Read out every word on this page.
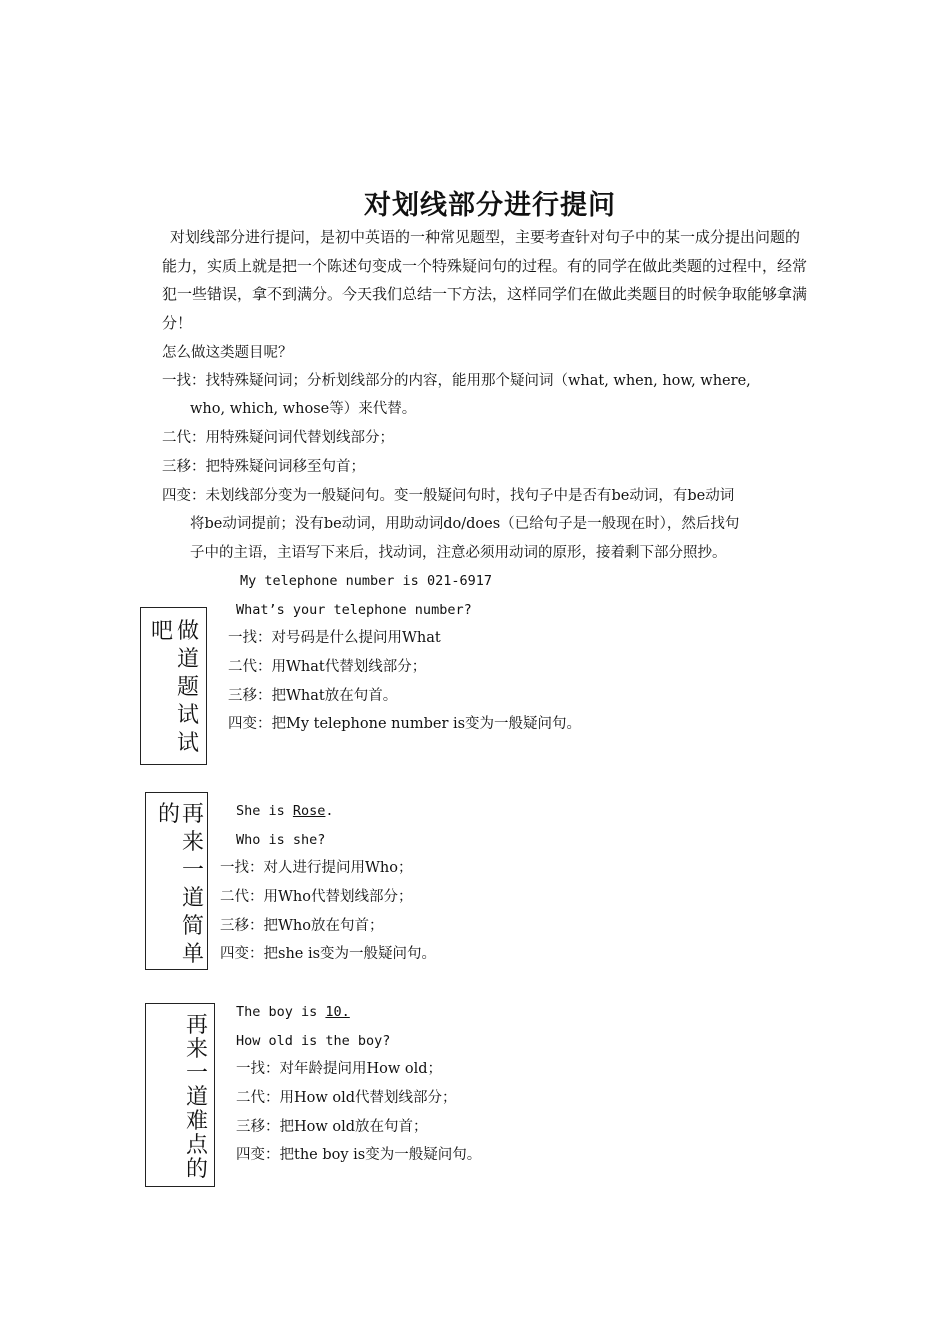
对划线部分进行提问
对划线部分进行提问，是初中英语的一种常见题型，主要考查针对句子中的某一成分提出问题的能力，实质上就是把一个陈述句变成一个特殊疑问句的过程。有的同学在做此类题的过程中，经常犯一些错误，拿不到满分。今天我们总结一下方法，这样同学们在做此类题目的时候争取能够拿满分！
怎么做这类题目呢？
一找：找特殊疑问词；分析划线部分的内容，能用那个疑问词（what, when, how, where,
who, which, whose等）来代替。
二代：用特殊疑问词代替划线部分；
三移：把特殊疑问词移至句首；
四变：未划线部分变为一般疑问句。变一般疑问句时，找句子中是否有be动词，有be动词
将be动词提前；没有be动词，用助动词do/does（已给句子是一般现在时），然后找句
子中的主语，主语写下来后，找动词，注意必须用动词的原形，接着剩下部分照抄。
吧 做
道
题
试
试
My telephone number is 021-6917
What’s your telephone number?
一找：对号码是什么提问用What
二代：用What代替划线部分；
三移：把What放在句首。
四变：把My telephone number is变为一般疑问句。
的 再
来
一
道
简
单
She is Rose.
Who is she?
一找：对人进行提问用Who；
二代：用Who代替划线部分；
三移：把Who放在句首；
四变：把she is变为一般疑问句。
再
来
一
道
难
点
的
The boy is 10.
How old is the boy?
一找：对年龄提问用How old；
二代：用How old代替划线部分；
三移：把How old放在句首；
四变：把the boy is变为一般疑问句。
